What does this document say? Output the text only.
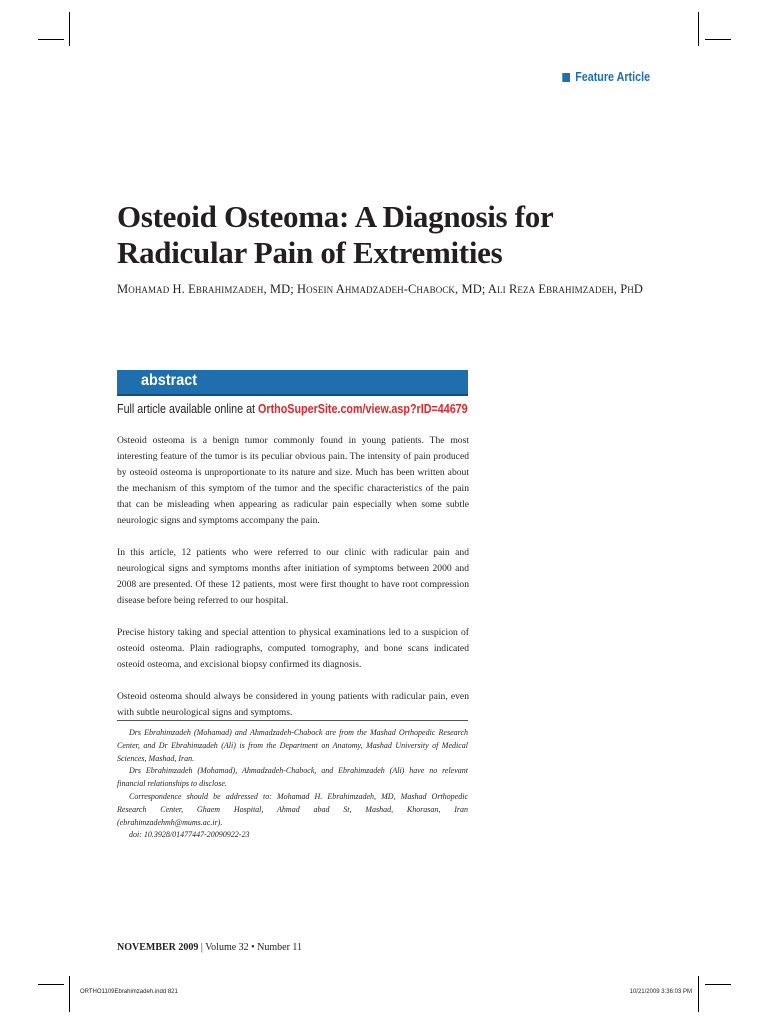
Feature Article
Osteoid Osteoma: A Diagnosis for Radicular Pain of Extremities
Mohamad H. Ebrahimzadeh, MD; Hosein Ahmadzadeh-Chabock, MD; Ali Reza Ebrahimzadeh, PhD
abstract
Full article available online at OrthoSuperSite.com/view.asp?rID=44679

Osteoid osteoma is a benign tumor commonly found in young patients. The most interesting feature of the tumor is its peculiar obvious pain. The intensity of pain produced by osteoid osteoma is unproportionate to its nature and size. Much has been written about the mechanism of this symptom of the tumor and the specific characteristics of the pain that can be misleading when appearing as radicular pain especially when some subtle neurologic signs and symptoms accompany the pain.

In this article, 12 patients who were referred to our clinic with radicular pain and neurological signs and symptoms months after initiation of symptoms between 2000 and 2008 are presented. Of these 12 patients, most were first thought to have root compression disease before being referred to our hospital.

Precise history taking and special attention to physical examinations led to a suspicion of osteoid osteoma. Plain radiographs, computed tomography, and bone scans indicated osteoid osteoma, and excisional biopsy confirmed its diagnosis.

Osteoid osteoma should always be considered in young patients with radicular pain, even with subtle neurological signs and symptoms.

Drs Ebrahimzadeh (Mohamad) and Ahmadzadeh-Chabock are from the Mashad Orthopedic Research Center, and Dr Ebrahimzadeh (Ali) is from the Department on Anatomy, Mashad University of Medical Sciences, Mashad, Iran.

Drs Ebrahimzadeh (Mohamad), Ahmadzadeh-Chabock, and Ebrahimzadeh (Ali) have no relevant financial relationships to disclose.

Correspondence should be addressed to: Mohamad H. Ebrahimzadeh, MD, Mashad Orthopedic Research Center, Ghaem Hospital, Ahmad abad St, Mashad, Khorasan, Iran (ebrahimzadehmh@mums.ac.ir).

doi: 10.3928/01477447-20090922-23

NOVEMBER 2009 | Volume 32 • Number 11
ORTHO1109Ebrahimzadeh.indd 821	10/21/2009 3:36:03 PM
